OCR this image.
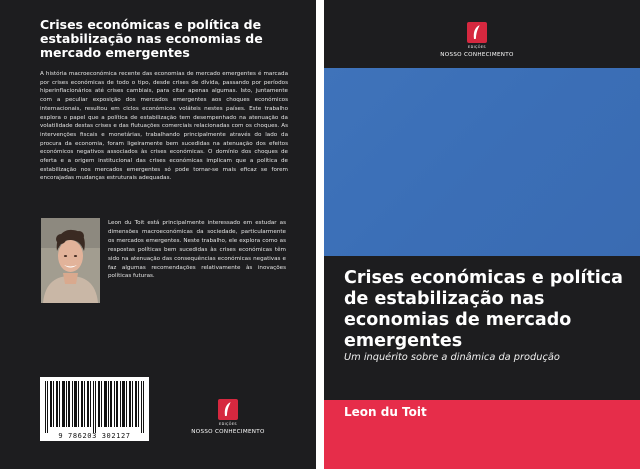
Crises económicas e política de estabilização nas economias de mercado emergentes
A história macroeconómica recente das economias de mercado emergentes é marcada por crises económicas de todo o tipo, desde crises de dívida, passando por períodos hiperinflacionários até crises cambiais, para citar apenas algumas. Isto, juntamente com a peculiar exposição dos mercados emergentes aos choques económicos internacionais, resultou em ciclos económicos voláteis nestes países. Este trabalho explora o papel que a política de estabilização tem desempenhado na atenuação da volatilidade destas crises e das flutuações comerciais relacionadas com os choques. As intervenções fiscais e monetárias, trabalhando principalmente através do lado da procura da economia, foram ligeiramente bem sucedidas na atenuação dos efeitos económicos negativos associados às crises económicas. O domínio dos choques de oferta e a origem institucional das crises económicas implicam que a política de estabilização nos mercados emergentes só pode tornar-se mais eficaz se forem encorajadas mudanças estruturais adequadas.
Leon du Toit está principalmente interessado em estudar as dimensões macroeconómicas da sociedade, particularmente os mercados emergentes. Neste trabalho, ele explora como as respostas políticas bem sucedidas às crises económicas têm sido na atenuação das consequências económicas negativas e faz algumas recomendações relativamente às inovações políticas futuras.
9 786203 302127
EDIÇÕES
NOSSO CONHECIMENTO
EDIÇÕES
NOSSO CONHECIMENTO
Crises económicas e política de estabilização nas economias de mercado emergentes
Um inquérito sobre a dinâmica da produção
Leon du Toit
